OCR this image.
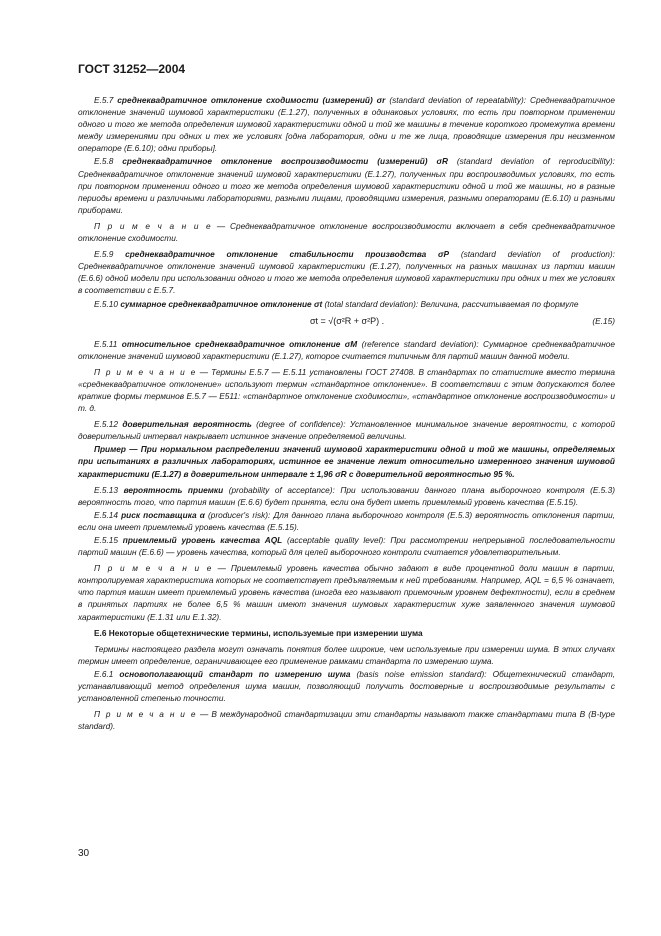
ГОСТ 31252—2004

Е.5.7 среднеквадратичное отклонение сходимости (измерений) σr (standard deviation of repeatability): Среднеквадратичное отклонение значений шумовой характеристики (Е.1.27), полученных в одинаковых условиях, то есть при повторном применении одного и того же метода определения шумовой характеристики одной и той же машины в течение короткого промежутка времени между измерениями при одних и тех же условиях [одна лаборатория, одни и те же лица, проводящие измерения при неизменном операторе (Е.6.10); одни приборы].

Е.5.8 среднеквадратичное отклонение воспроизводимости (измерений) σR (standard deviation of reproducibility): Среднеквадратичное отклонение значений шумовой характеристики (Е.1.27), полученных при воспроизводимых условиях, то есть при повторном применении одного и того же метода определения шумовой характеристики одной и той же машины, но в разные периоды времени и различными лабораториями, разными лицами, проводящими измерения, разными операторами (Е.6.10) и разными приборами.

П р и м е ч а н и е — Среднеквадратичное отклонение воспроизводимости включает в себя среднеквадратичное отклонение сходимости.

Е.5.9 среднеквадратичное отклонение стабильности производства σP (standard deviation of production): Среднеквадратичное отклонение значений шумовой характеристики (Е.1.27), полученных на разных машинах из партии машин (Е.6.6) одной модели при использовании одного и того же метода определения шумовой характеристики при одних и тех же условиях в соответствии с Е.5.7.

Е.5.10 суммарное среднеквадратичное отклонение σt (total standard deviation): Величина, рассчитываемая по формуле

σt = √(σ²R + σ²P) .	(Е.15)

Е.5.11 относительное среднеквадратичное отклонение σM (reference standard deviation): Суммарное среднеквадратичное отклонение значений шумовой характеристики (Е.1.27), которое считается типичным для партий машин данной модели.

П р и м е ч а н и е — Термины Е.5.7 — Е.5.11 установлены ГОСТ 27408. В стандартах по статистике вместо термина «среднеквадратичное отклонение» используют термин «стандартное отклонение». В соответствии с этим допускаются более краткие формы терминов Е.5.7 — Е511: «стандартное отклонение сходимости», «стандартное отклонение воспроизводимости» и т. д.

Е.5.12 доверительная вероятность (degree of confidence): Установленное минимальное значение вероятности, с которой доверительный интервал накрывает истинное значение определяемой величины.

Пример — При нормальном распределении значений шумовой характеристики одной и той же машины, определяемых при испытаниях в различных лабораториях, истинное ее значение лежит относительно измеренного значения шумовой характеристики (Е.1.27) в доверительном интервале ± 1,96 σR с доверительной вероятностью 95 %.

Е.5.13 вероятность приемки (probability of acceptance): При использовании данного плана выборочного контроля (Е.5.3) вероятность того, что партия машин (Е.6.6) будет принята, если она будет иметь приемлемый уровень качества (Е.5.15).

Е.5.14 риск поставщика α (producer's risk): Для данного плана выборочного контроля (Е.5.3) вероятность отклонения партии, если она имеет приемлемый уровень качества (Е.5.15).

Е.5.15 приемлемый уровень качества AQL (acceptable quality level): При рассмотрении непрерывной последовательности партий машин (Е.6.6) — уровень качества, который для целей выборочного контроли считается удовлетворительным.

П р и м е ч а н и е — Приемлемый уровень качества обычно задают в виде процентной доли машин в партии, контролируемая характеристика которых не соответствует предъявляемым к ней требованиям. Например, AQL = 6,5 % означает, что партия машин имеет приемлемый уровень качества (иногда его называют приемочным уровнем дефектности), если в среднем в принятых партиях не более 6,5 % машин имеют значения шумовых характеристик хуже заявленного значения шумовой характеристики (Е.1.31 или Е.1.32).

Е.6 Некоторые общетехнические термины, используемые при измерении шума

Термины настоящего раздела могут означать понятия более широкие, чем используемые при измерении шума. В этих случаях термин имеет определение, ограничивающее его применение рамками стандарта по измерению шума.

Е.6.1 основополагающий стандарт по измерению шума (basis noise emission standard): Общетехнический стандарт, устанавливающий метод определения шума машин, позволяющий получить достоверные и воспроизводимые результаты с установленной степенью точности.

П р и м е ч а н и е — В международной стандартизации эти стандарты называют также стандартами типа В (В-type standard).

30
